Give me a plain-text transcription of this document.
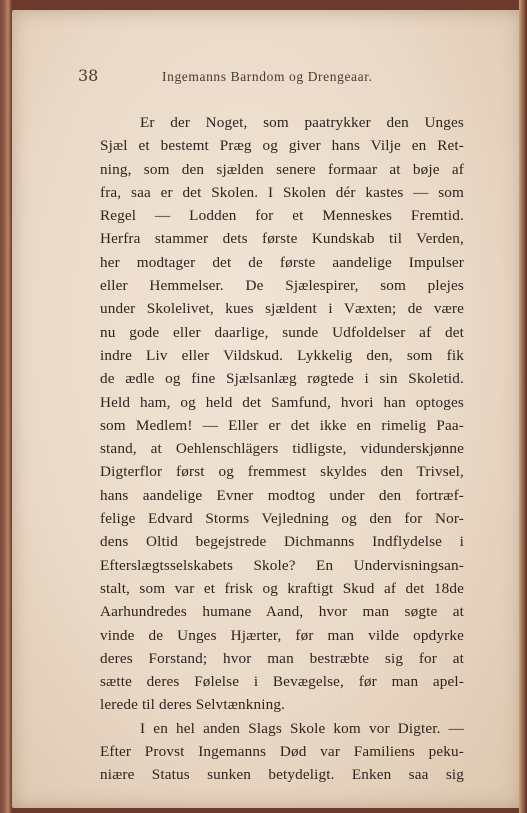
38	Ingemanns Barndom og Drengeaar.
Er der Noget, som paatrykker den Unges
Sjæl et bestemt Præg og giver hans Vilje en Ret-
ning, som den sjælden senere formaar at bøje af
fra, saa er det Skolen. I Skolen dér kastes — som
Regel — Lodden for et Menneskes Fremtid.
Herfra stammer dets første Kundskab til Verden,
her modtager det de første aandelige Impulser
eller Hemmelser. De Sjælespirer, som plejes
under Skolelivet, kues sjældent i Væxten; de være
nu gode eller daarlige, sunde Udfoldelser af det
indre Liv eller Vildskud. Lykkelig den, som fik
de ædle og fine Sjælsanlæg røgtede i sin Skoletid.
Held ham, og held det Samfund, hvori han optoges
som Medlem! — Eller er det ikke en rimelig Paa-
stand, at Oehlenschlägers tidligste, vidunderskjønne
Digterflor først og fremmest skyldes den Trivsel,
hans aandelige Evner modtog under den fortræf-
felige Edvard Storms Vejledning og den for Nor-
dens Oltid begejstrede Dichmanns Indflydelse i
Efterslægtsselskabets Skole? En Undervisningsan-
stalt, som var et frisk og kraftigt Skud af det 18de
Aarhundredes humane Aand, hvor man søgte at
vinde de Unges Hjærter, før man vilde opdyrke
deres Forstand; hvor man bestræbte sig for at
sætte deres Følelse i Bevægelse, før man apel-
lerede til deres Selvtænkning.
I en hel anden Slags Skole kom vor Digter. —
Efter Provst Ingemanns Død var Familiens peku-
niære Status sunken betydeligt. Enken saa sig
